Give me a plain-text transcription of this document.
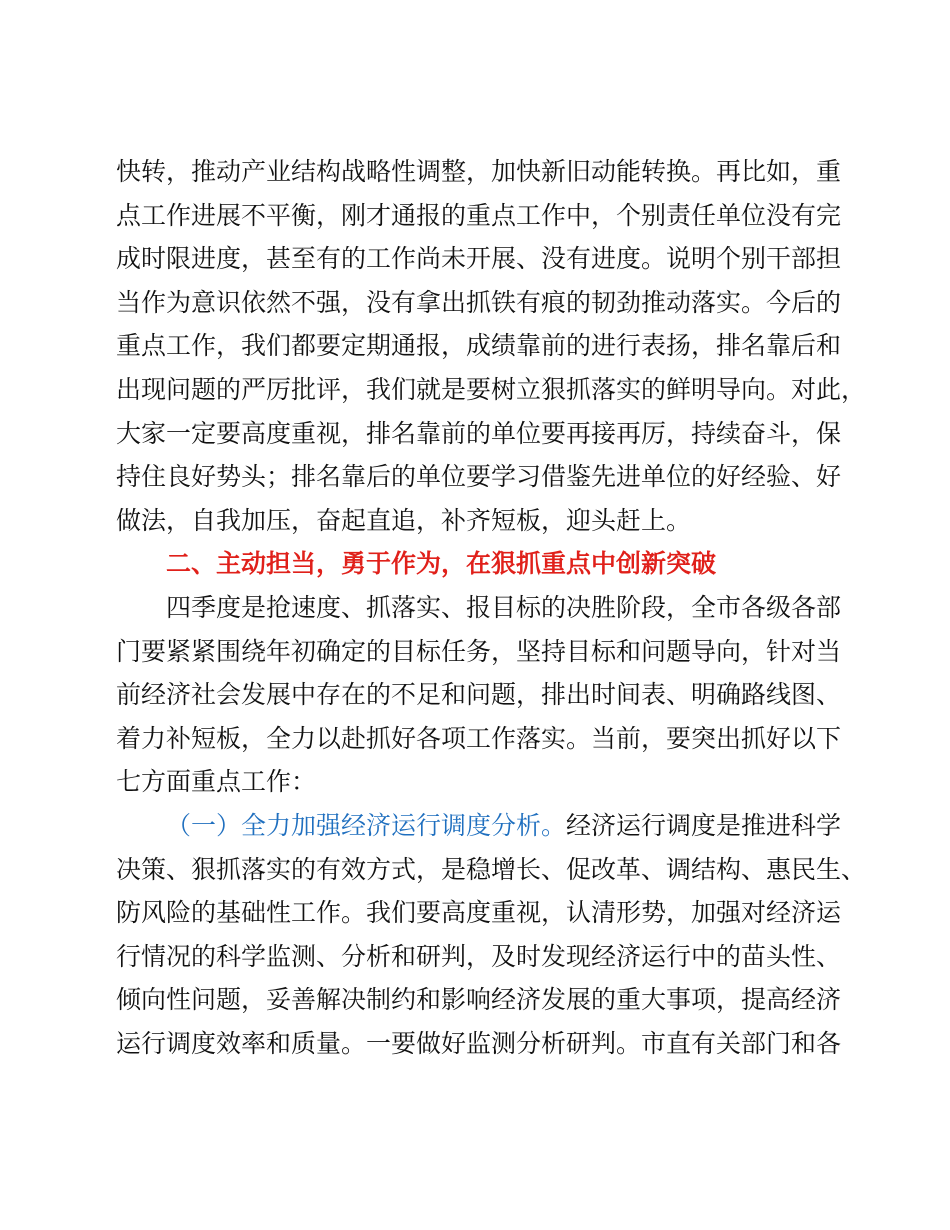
快转，推动产业结构战略性调整，加快新旧动能转换。再比如，重
点工作进展不平衡，刚才通报的重点工作中，个别责任单位没有完
成时限进度，甚至有的工作尚未开展、没有进度。说明个别干部担
当作为意识依然不强，没有拿出抓铁有痕的韧劲推动落实。今后的
重点工作，我们都要定期通报，成绩靠前的进行表扬，排名靠后和
出现问题的严厉批评，我们就是要树立狠抓落实的鲜明导向。对此，
大家一定要高度重视，排名靠前的单位要再接再厉，持续奋斗，保
持住良好势头；排名靠后的单位要学习借鉴先进单位的好经验、好
做法，自我加压，奋起直追，补齐短板，迎头赶上。
二、主动担当，勇于作为，在狠抓重点中创新突破
四季度是抢速度、抓落实、报目标的决胜阶段，全市各级各部
门要紧紧围绕年初确定的目标任务，坚持目标和问题导向，针对当
前经济社会发展中存在的不足和问题，排出时间表、明确路线图、
着力补短板，全力以赴抓好各项工作落实。当前，要突出抓好以下
七方面重点工作：
（一）全力加强经济运行调度分析。经济运行调度是推进科学
决策、狠抓落实的有效方式，是稳增长、促改革、调结构、惠民生、
防风险的基础性工作。我们要高度重视，认清形势，加强对经济运
行情况的科学监测、分析和研判，及时发现经济运行中的苗头性、
倾向性问题，妥善解决制约和影响经济发展的重大事项，提高经济
运行调度效率和质量。一要做好监测分析研判。市直有关部门和各
